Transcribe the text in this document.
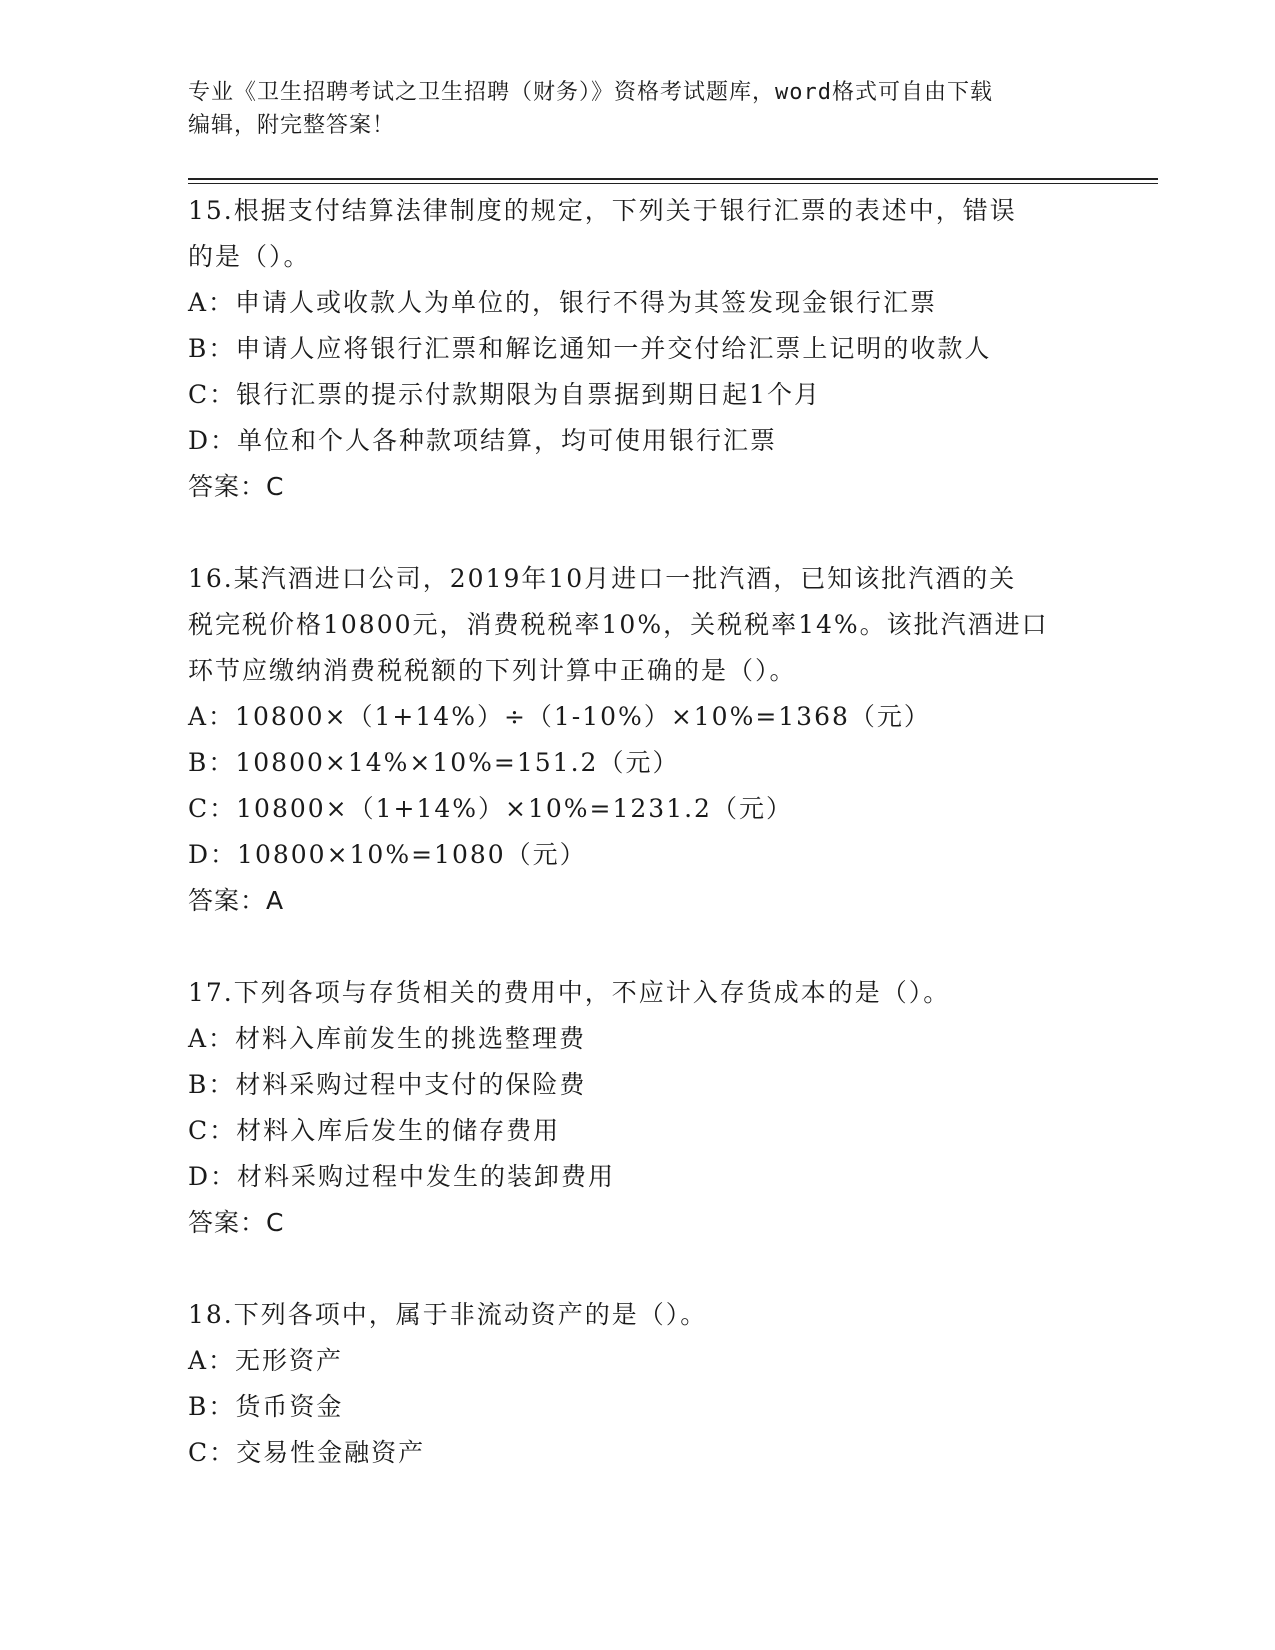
专业《卫生招聘考试之卫生招聘（财务）》资格考试题库，word格式可自由下载
编辑，附完整答案！
15.根据支付结算法律制度的规定，下列关于银行汇票的表述中，错误
的是（）。
A：申请人或收款人为单位的，银行不得为其签发现金银行汇票
B：申请人应将银行汇票和解讫通知一并交付给汇票上记明的收款人
C：银行汇票的提示付款期限为自票据到期日起1个月
D：单位和个人各种款项结算，均可使用银行汇票
答案：C
16.某汽酒进口公司，2019年10月进口一批汽酒，已知该批汽酒的关
税完税价格10800元，消费税税率10%，关税税率14%。该批汽酒进口
环节应缴纳消费税税额的下列计算中正确的是（）。
A：10800×（1+14%）÷（1-10%）×10%=1368（元）
B：10800×14%×10%=151.2（元）
C：10800×（1+14%）×10%=1231.2（元）
D：10800×10%=1080（元）
答案：A
17.下列各项与存货相关的费用中，不应计入存货成本的是（）。
A：材料入库前发生的挑选整理费
B：材料采购过程中支付的保险费
C：材料入库后发生的储存费用
D：材料采购过程中发生的装卸费用
答案：C
18.下列各项中，属于非流动资产的是（）。
A：无形资产
B：货币资金
C：交易性金融资产
